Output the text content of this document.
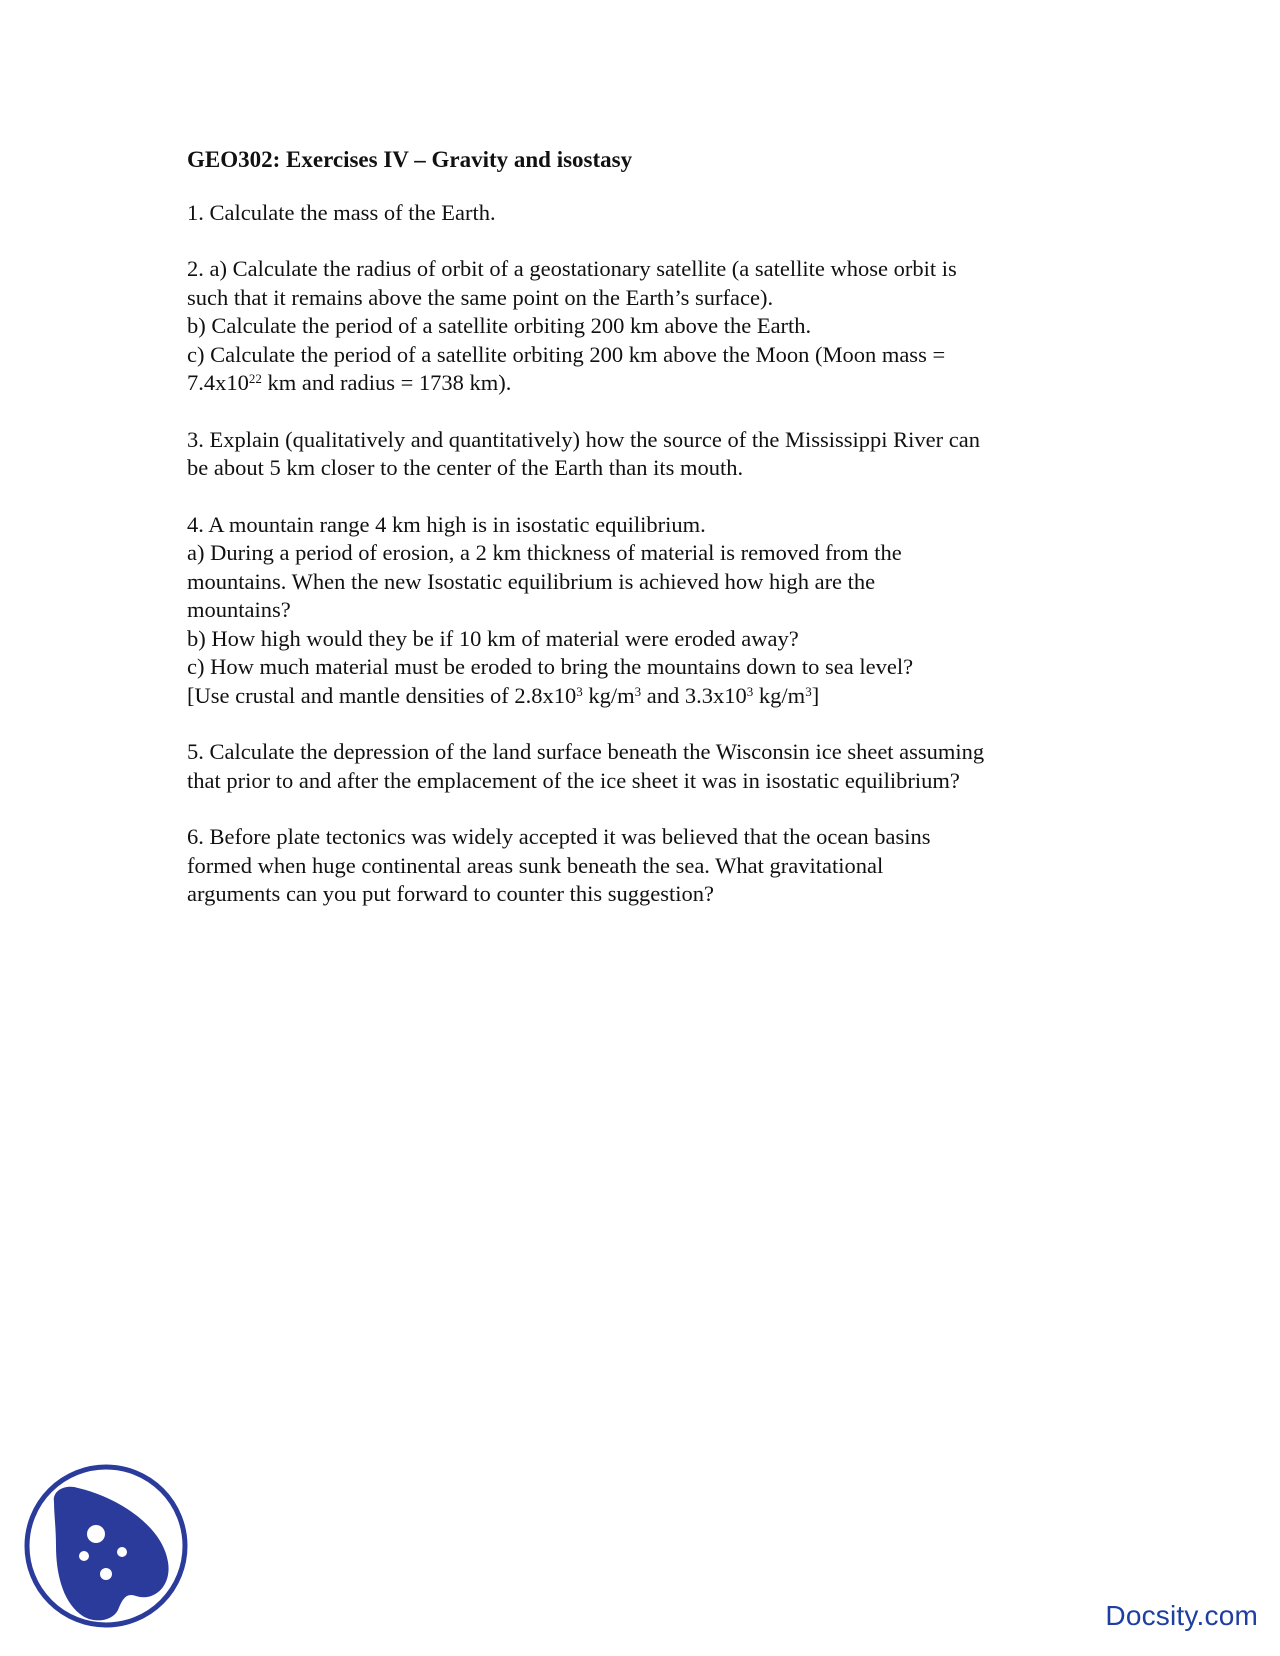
GEO302: Exercises IV – Gravity and isostasy
1. Calculate the mass of the Earth.
2. a) Calculate the radius of orbit of a geostationary satellite (a satellite whose orbit is
such that it remains above the same point on the Earth’s surface).
b) Calculate the period of a satellite orbiting 200 km above the Earth.
c) Calculate the period of a satellite orbiting 200 km above the Moon (Moon mass =
$7.4x10^{22}$ km and radius = 1738 km).
3. Explain (qualitatively and quantitatively) how the source of the Mississippi River can
be about 5 km closer to the center of the Earth than its mouth.
4. A mountain range 4 km high is in isostatic equilibrium.
a) During a period of erosion, a 2 km thickness of material is removed from the
mountains. When the new Isostatic equilibrium is achieved how high are the
mountains?
b) How high would they be if 10 km of material were eroded away?
c) How much material must be eroded to bring the mountains down to sea level?
[Use crustal and mantle densities of $2.8x10^3$ $kg/m^3$ and $3.3x10^3$ $kg/m^3$]
5. Calculate the depression of the land surface beneath the Wisconsin ice sheet assuming
that prior to and after the emplacement of the ice sheet it was in isostatic equilibrium?
6. Before plate tectonics was widely accepted it was believed that the ocean basins
formed when huge continental areas sunk beneath the sea. What gravitational
arguments can you put forward to counter this suggestion?
Docsity.com
